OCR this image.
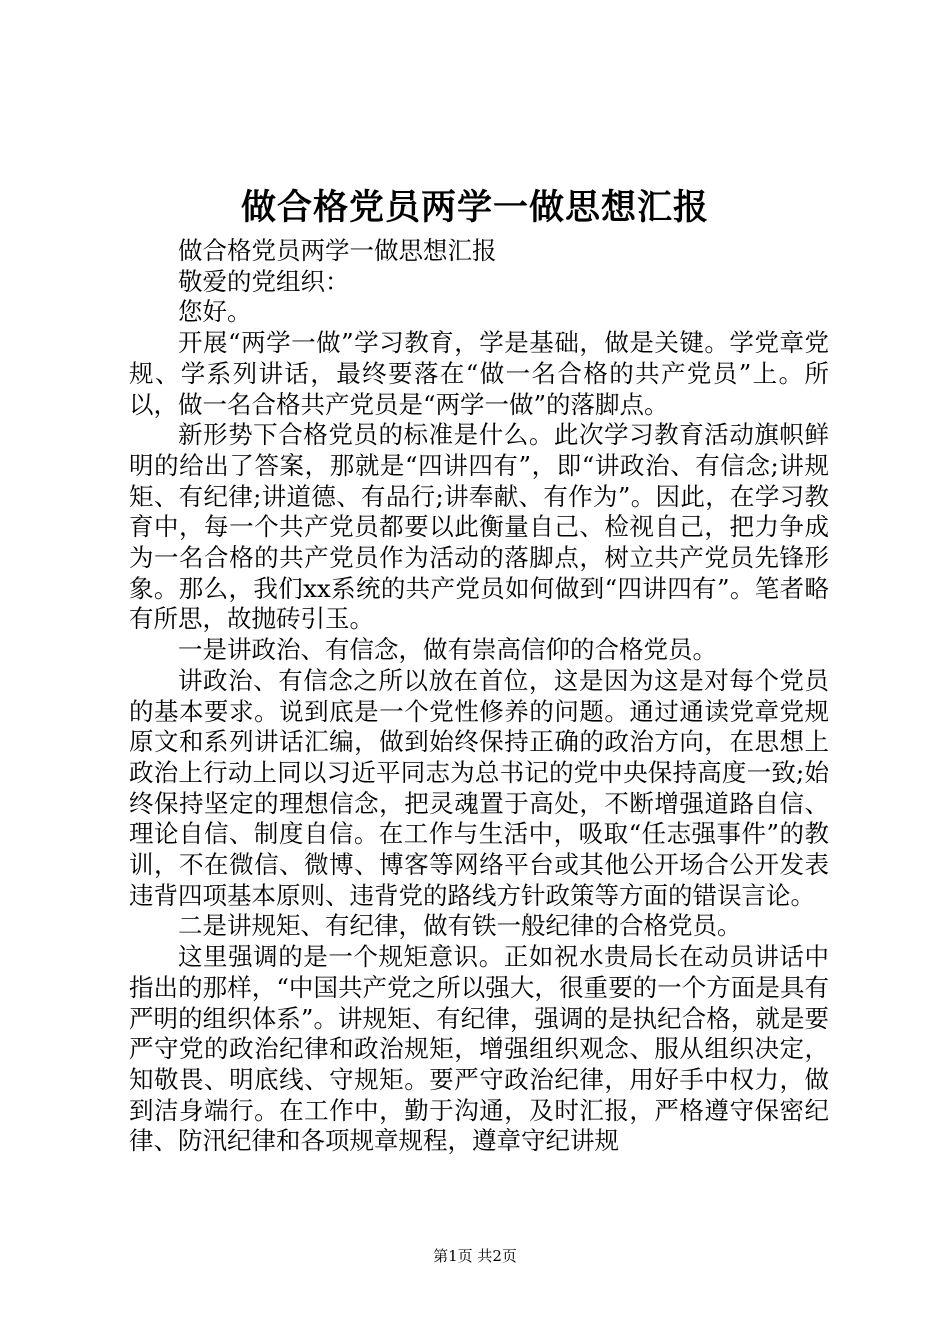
做合格党员两学一做思想汇报

做合格党员两学一做思想汇报

敬爱的党组织：

您好。

开展“两学一做”学习教育，学是基础，做是关键。学党章党规、学系列讲话，最终要落在“做一名合格的共产党员”上。所以，做一名合格共产党员是“两学一做”的落脚点。

新形势下合格党员的标准是什么。此次学习教育活动旗帜鲜明的给出了答案，那就是“四讲四有”，即“讲政治、有信念;讲规矩、有纪律;讲道德、有品行;讲奉献、有作为”。因此，在学习教育中，每一个共产党员都要以此衡量自己、检视自己，把力争成为一名合格的共产党员作为活动的落脚点，树立共产党员先锋形象。那么，我们xx系统的共产党员如何做到“四讲四有”。笔者略有所思，故抛砖引玉。

一是讲政治、有信念，做有崇高信仰的合格党员。

讲政治、有信念之所以放在首位，这是因为这是对每个党员的基本要求。说到底是一个党性修养的问题。通过通读党章党规原文和系列讲话汇编，做到始终保持正确的政治方向，在思想上政治上行动上同以习近平同志为总书记的党中央保持高度一致;始终保持坚定的理想信念，把灵魂置于高处，不断增强道路自信、理论自信、制度自信。在工作与生活中，吸取“任志强事件”的教训，不在微信、微博、博客等网络平台或其他公开场合公开发表违背四项基本原则、违背党的路线方针政策等方面的错误言论。

二是讲规矩、有纪律，做有铁一般纪律的合格党员。

这里强调的是一个规矩意识。正如祝水贵局长在动员讲话中指出的那样，“中国共产党之所以强大，很重要的一个方面是具有严明的组织体系”。讲规矩、有纪律，强调的是执纪合格，就是要严守党的政治纪律和政治规矩，增强组织观念、服从组织决定，知敬畏、明底线、守规矩。要严守政治纪律，用好手中权力，做到洁身端行。在工作中，勤于沟通，及时汇报，严格遵守保密纪律、防汛纪律和各项规章规程，遵章守纪讲规

第1页 共2页
